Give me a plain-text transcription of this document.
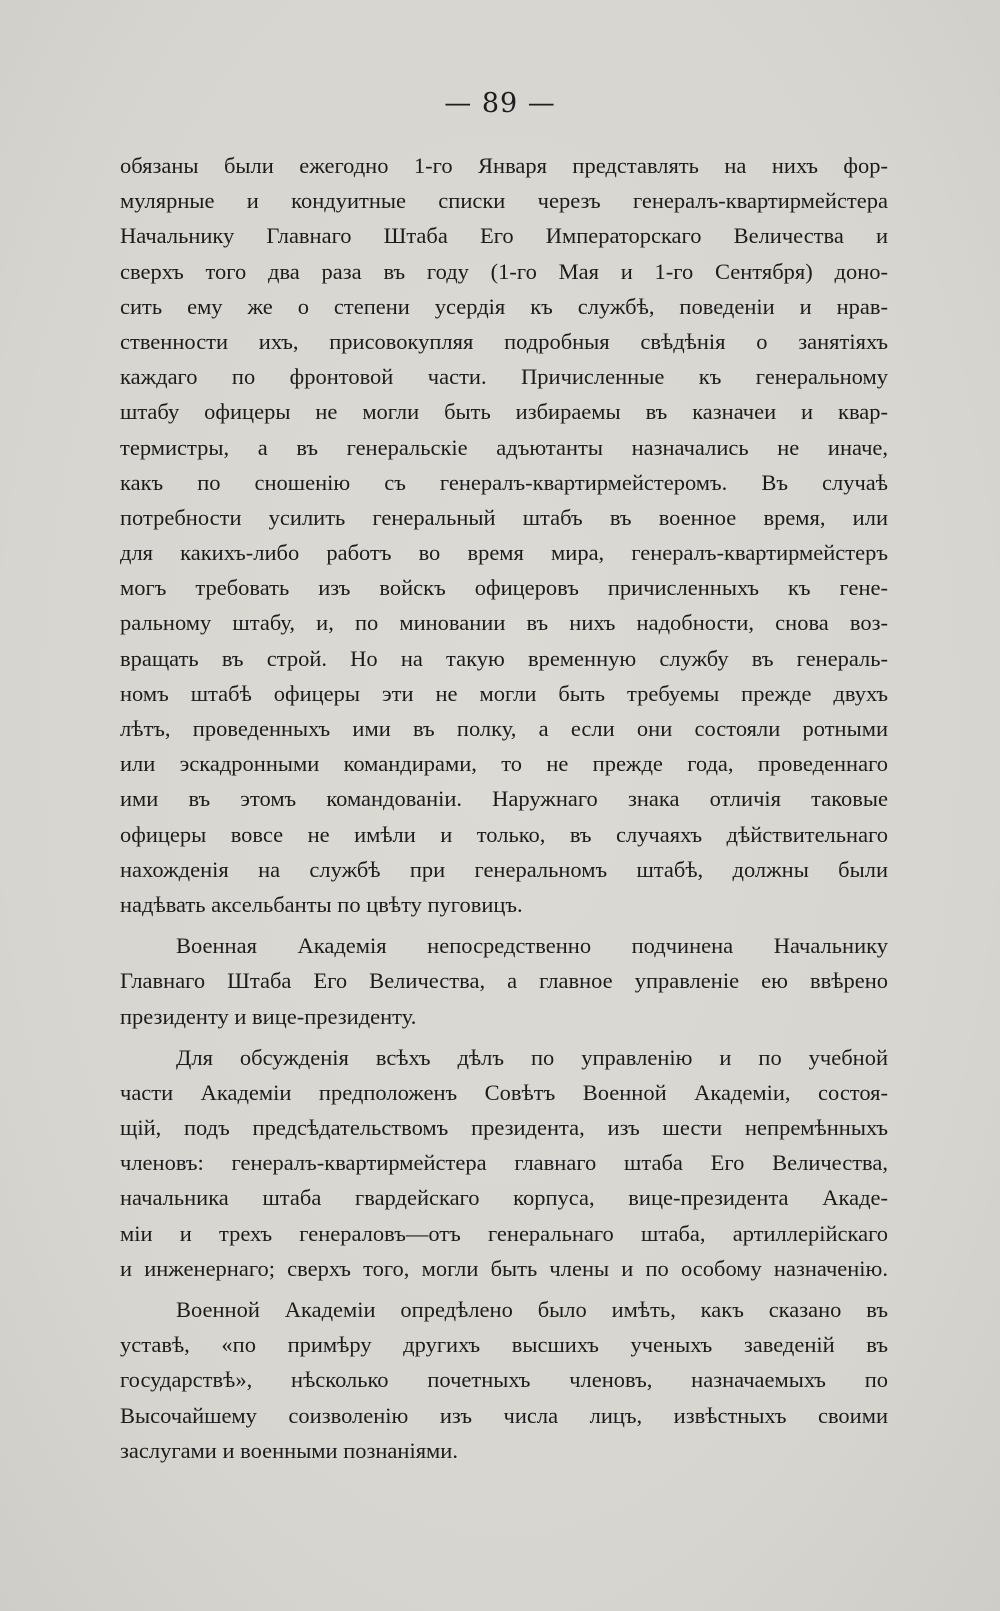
— 89 —
обязаны были ежегодно 1-го Января представлять на нихъ фор-
мулярные и кондуитные списки черезъ генералъ-квартирмейстера
Начальнику Главнаго Штаба Его Императорскаго Величества и
сверхъ того два раза въ году (1-го Мая и 1-го Сентября) доно-
сить ему же о степени усердія къ службѣ, поведеніи и нрав-
ственности ихъ, присовокупляя подробныя свѣдѣнія о занятіяхъ
каждаго по фронтовой части. Причисленные къ генеральному
штабу офицеры не могли быть избираемы въ казначеи и квар-
термистры, а въ генеральскіе адъютанты назначались не иначе,
какъ по сношенію съ генералъ-квартирмейстеромъ. Въ случаѣ
потребности усилить генеральный штабъ въ военное время, или
для какихъ-либо работъ во время мира, генералъ-квартирмейстеръ
могъ требовать изъ войскъ офицеровъ причисленныхъ къ гене-
ральному штабу, и, по миновании въ нихъ надобности, снова воз-
вращать въ строй. Но на такую временную службу въ генераль-
номъ штабѣ офицеры эти не могли быть требуемы прежде двухъ
лѣтъ, проведенныхъ ими въ полку, а если они состояли ротными
или эскадронными командирами, то не прежде года, проведеннаго
ими въ этомъ командованіи. Наружнаго знака отличія таковые
офицеры вовсе не имѣли и только, въ случаяхъ дѣйствительнаго
нахожденія на службѣ при генеральномъ штабѣ, должны были
надѣвать аксельбанты по цвѣту пуговицъ.
Военная Академія непосредственно подчинена Начальнику
Главнаго Штаба Его Величества, а главное управленіе ею ввѣрено
президенту и вице-президенту.
Для обсужденія всѣхъ дѣлъ по управленію и по учебной
части Академіи предположенъ Совѣтъ Военной Академіи, состоя-
щій, подъ предсѣдательствомъ президента, изъ шести непремѣнныхъ
членовъ: генералъ-квартирмейстера главнаго штаба Его Величества,
начальника штаба гвардейскаго корпуса, вице-президента Акаде-
міи и трехъ генераловъ—отъ генеральнаго штаба, артиллерійскаго
и инженернаго; сверхъ того, могли быть члены и по особому назначенію.
Военной Академіи опредѣлено было имѣть, какъ сказано въ
уставѣ, «по примѣру другихъ высшихъ ученыхъ заведеній въ
государствѣ», нѣсколько почетныхъ членовъ, назначаемыхъ по
Высочайшему соизволенію изъ числа лицъ, извѣстныхъ своими
заслугами и военными познаніями.
